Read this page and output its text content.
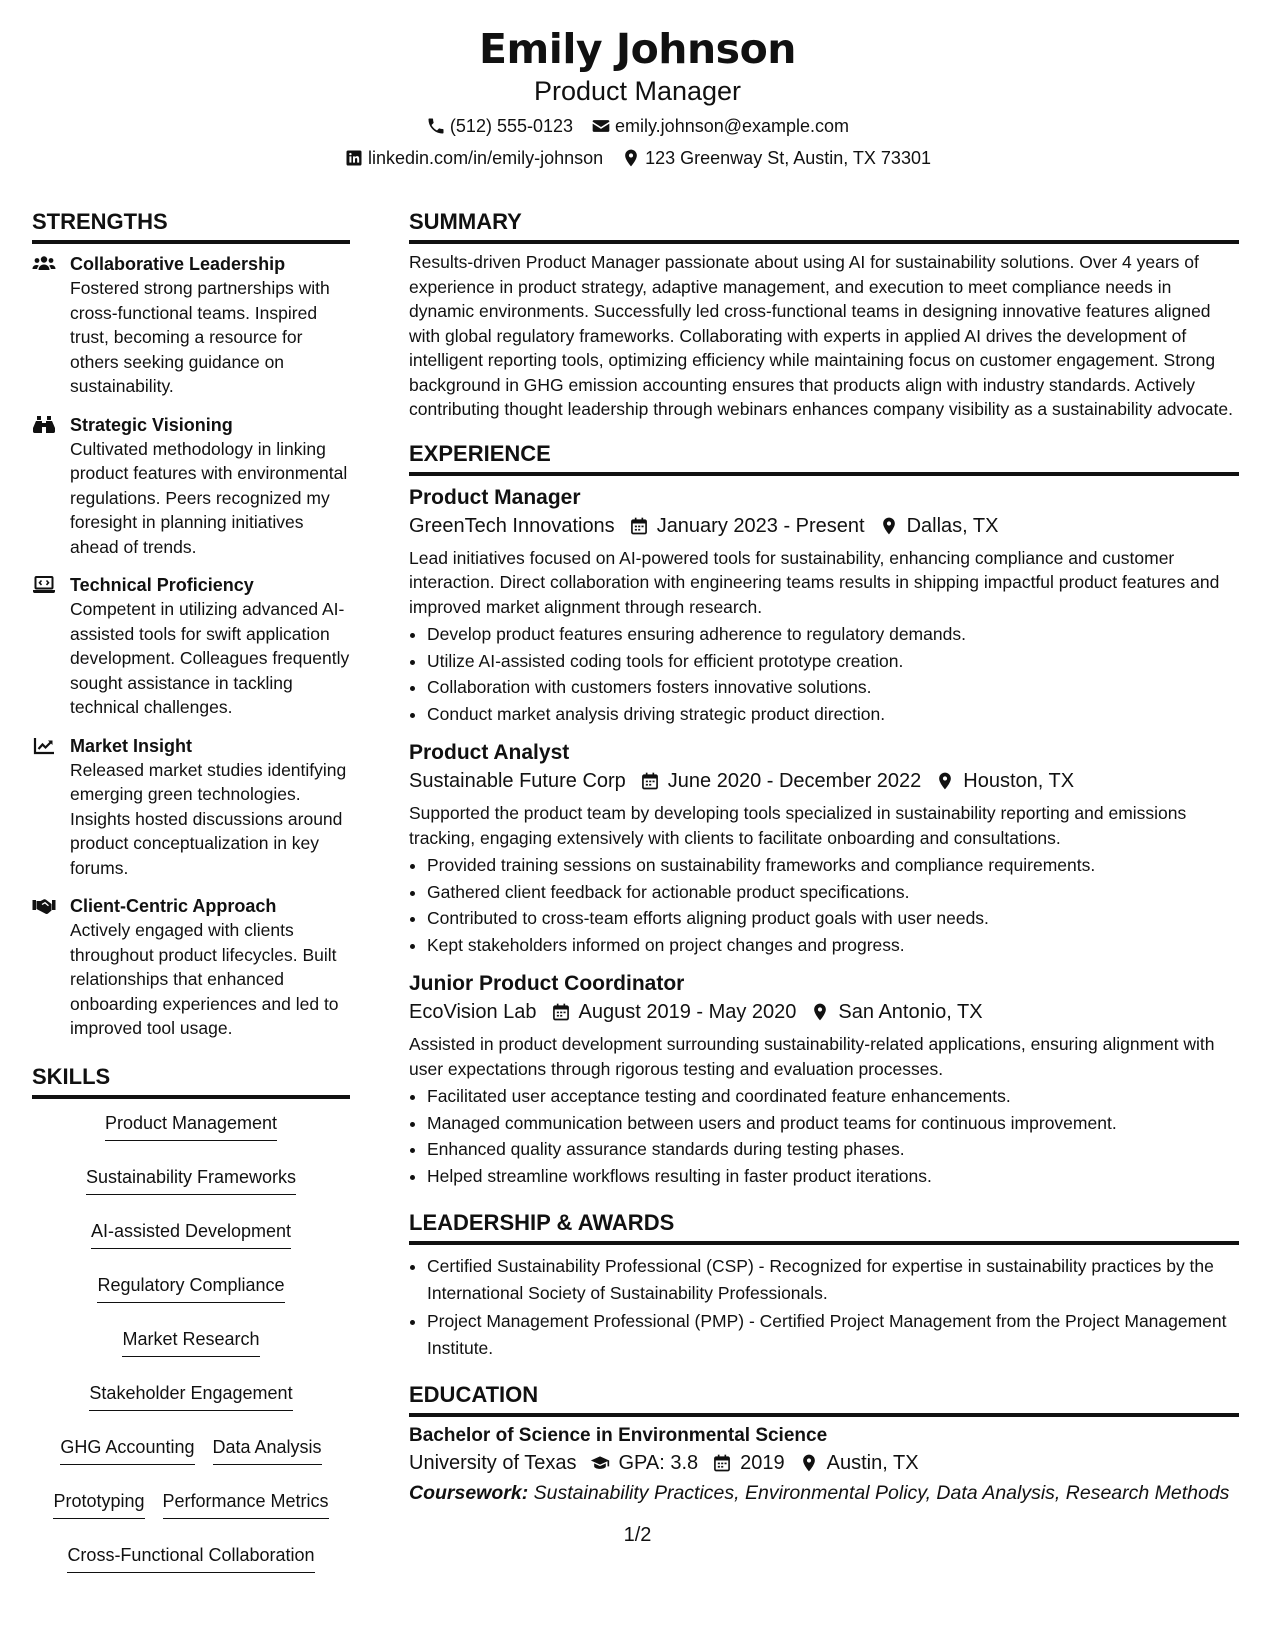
Emily Johnson
Product Manager
(512) 555-0123 emily.johnson@example.com
linkedin.com/in/emily-johnson 123 Greenway St, Austin, TX 73301
STRENGTHS
Collaborative Leadership
Fostered strong partnerships with cross-functional teams. Inspired trust, becoming a resource for others seeking guidance on sustainability.
Strategic Visioning
Cultivated methodology in linking product features with environmental regulations. Peers recognized my foresight in planning initiatives ahead of trends.
Technical Proficiency
Competent in utilizing advanced AI-assisted tools for swift application development. Colleagues frequently sought assistance in tackling technical challenges.
Market Insight
Released market studies identifying emerging green technologies. Insights hosted discussions around product conceptualization in key forums.
Client-Centric Approach
Actively engaged with clients throughout product lifecycles. Built relationships that enhanced onboarding experiences and led to improved tool usage.
SKILLS
Product Management
Sustainability Frameworks
AI-assisted Development
Regulatory Compliance
Market Research
Stakeholder Engagement
GHG Accounting Data Analysis
Prototyping Performance Metrics
Cross-Functional Collaboration
SUMMARY
Results-driven Product Manager passionate about using AI for sustainability solutions. Over 4 years of experience in product strategy, adaptive management, and execution to meet compliance needs in dynamic environments. Successfully led cross-functional teams in designing innovative features aligned with global regulatory frameworks. Collaborating with experts in applied AI drives the development of intelligent reporting tools, optimizing efficiency while maintaining focus on customer engagement. Strong background in GHG emission accounting ensures that products align with industry standards. Actively contributing thought leadership through webinars enhances company visibility as a sustainability advocate.
EXPERIENCE
Product Manager
GreenTech Innovations January 2023 - Present Dallas, TX
Lead initiatives focused on AI-powered tools for sustainability, enhancing compliance and customer interaction. Direct collaboration with engineering teams results in shipping impactful product features and improved market alignment through research.
• Develop product features ensuring adherence to regulatory demands.
• Utilize AI-assisted coding tools for efficient prototype creation.
• Collaboration with customers fosters innovative solutions.
• Conduct market analysis driving strategic product direction.
Product Analyst
Sustainable Future Corp June 2020 - December 2022 Houston, TX
Supported the product team by developing tools specialized in sustainability reporting and emissions tracking, engaging extensively with clients to facilitate onboarding and consultations.
• Provided training sessions on sustainability frameworks and compliance requirements.
• Gathered client feedback for actionable product specifications.
• Contributed to cross-team efforts aligning product goals with user needs.
• Kept stakeholders informed on project changes and progress.
Junior Product Coordinator
EcoVision Lab August 2019 - May 2020 San Antonio, TX
Assisted in product development surrounding sustainability-related applications, ensuring alignment with user expectations through rigorous testing and evaluation processes.
• Facilitated user acceptance testing and coordinated feature enhancements.
• Managed communication between users and product teams for continuous improvement.
• Enhanced quality assurance standards during testing phases.
• Helped streamline workflows resulting in faster product iterations.
LEADERSHIP & AWARDS
• Certified Sustainability Professional (CSP) - Recognized for expertise in sustainability practices by the International Society of Sustainability Professionals.
• Project Management Professional (PMP) - Certified Project Management from the Project Management Institute.
EDUCATION
Bachelor of Science in Environmental Science
University of Texas GPA: 3.8 2019 Austin, TX
Coursework: Sustainability Practices, Environmental Policy, Data Analysis, Research Methods
1/2
